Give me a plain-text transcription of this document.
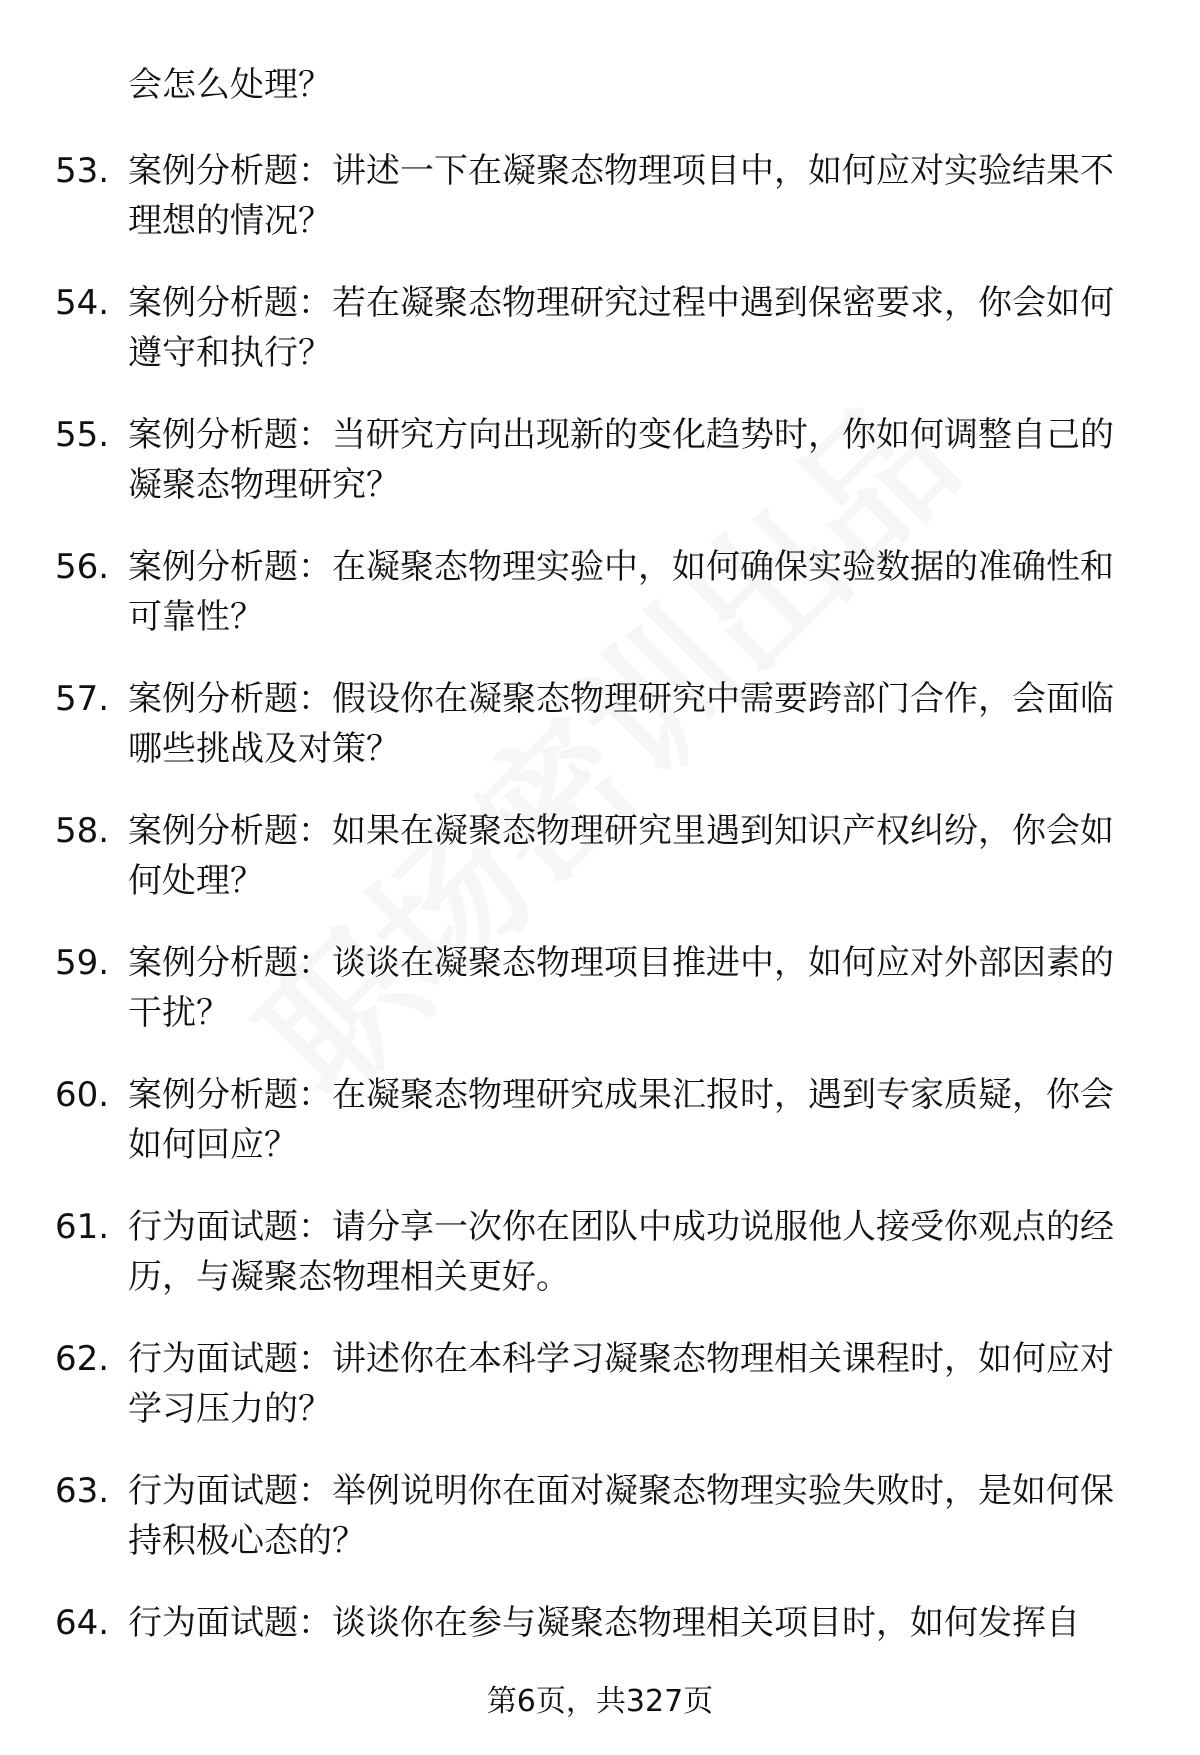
会怎么处理？
53. 案例分析题：讲述一下在凝聚态物理项目中，如何应对实验结果不理想的情况？
54. 案例分析题：若在凝聚态物理研究过程中遇到保密要求，你会如何遵守和执行？
55. 案例分析题：当研究方向出现新的变化趋势时，你如何调整自己的凝聚态物理研究？
56. 案例分析题：在凝聚态物理实验中，如何确保实验数据的准确性和可靠性？
57. 案例分析题：假设你在凝聚态物理研究中需要跨部门合作，会面临哪些挑战及对策？
58. 案例分析题：如果在凝聚态物理研究里遇到知识产权纠纷，你会如何处理？
59. 案例分析题：谈谈在凝聚态物理项目推进中，如何应对外部因素的干扰？
60. 案例分析题：在凝聚态物理研究成果汇报时，遇到专家质疑，你会如何回应？
61. 行为面试题：请分享一次你在团队中成功说服他人接受你观点的经历，与凝聚态物理相关更好。
62. 行为面试题：讲述你在本科学习凝聚态物理相关课程时，如何应对学习压力的？
63. 行为面试题：举例说明你在面对凝聚态物理实验失败时，是如何保持积极心态的？
64. 行为面试题：谈谈你在参与凝聚态物理相关项目时，如何发挥自
第6页，共327页
